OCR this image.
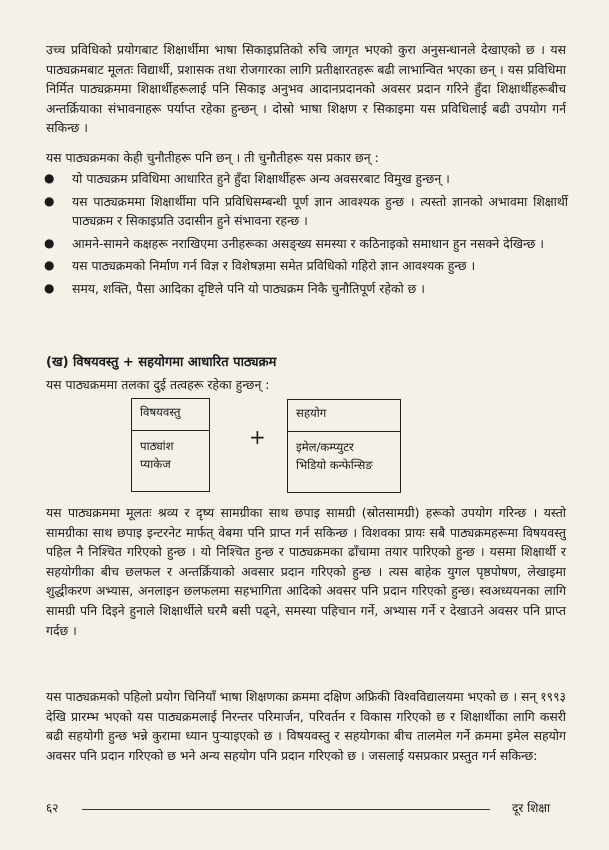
उच्च प्रविधिको प्रयोगबाट शिक्षार्थीमा भाषा सिकाइप्रतिको रुचि जागृत भएको कुरा अनुसन्धानले देखाएको छ । यस पाठ्यक्रमबाट मूलतः विद्यार्थी, प्रशासक तथा रोजगारका लागि प्रतीक्षारतहरू बढी लाभान्वित भएका छन् । यस प्रविधिमा निर्मित पाठ्यक्रममा शिक्षार्थीहरूलाई पनि सिकाइ अनुभव आदानप्रदानको अवसर प्रदान गरिने हुँदा शिक्षार्थीहरूबीच अन्तर्क्रियाका संभावनाहरू पर्याप्त रहेका हुन्छन् । दोस्रो भाषा शिक्षण र सिकाइमा यस प्रविधिलाई बढी उपयोग गर्न सकिन्छ ।

यस पाठ्यक्रमका केही चुनौतीहरू पनि छन् । ती चुनौतीहरू यस प्रकार छन् :

● यो पाठ्यक्रम प्रविधिमा आधारित हुने हुँदा शिक्षार्थीहरू अन्य अवसरबाट विमुख हुन्छन् ।
● यस पाठ्यक्रममा शिक्षार्थीमा पनि प्रविधिसम्बन्धी पूर्ण ज्ञान आवश्यक हुन्छ । त्यस्तो ज्ञानको अभावमा शिक्षार्थी पाठ्यक्रम र सिकाइप्रति उदासीन हुने संभावना रहन्छ ।
● आमने-सामने कक्षहरू नराखिएमा उनीहरूका असङ्ख्य समस्या र कठिनाइको समाधान हुन नसक्ने देखिन्छ ।
● यस पाठ्यक्रमको निर्माण गर्न विज्ञ र विशेषज्ञमा समेत प्रविधिको गहिरो ज्ञान आवश्यक हुन्छ ।
● समय, शक्ति, पैसा आदिका दृष्टिले पनि यो पाठ्यक्रम निकै चुनौतिपूर्ण रहेको छ ।
(ख) विषयवस्तु + सहयोगमा आधारित पाठ्यक्रम

यस पाठ्यक्रममा तलका दुई तत्वहरू रहेका हुन्छन् :

विषयवस्तु
पाठ्यांश
प्याकेज
+
सहयोग
इमेल/कम्प्युटर
भिडियो कन्फेन्सिङ

यस पाठ्यक्रममा मूलतः श्रव्य र दृष्य सामग्रीका साथ छपाइ सामग्री (स्रोतसामग्री) हरूको उपयोग गरिन्छ । यस्तो सामग्रीका साथ छपाइ इन्टरनेट मार्फत् वेबमा पनि प्राप्त गर्न सकिन्छ । विशवका प्रायः सबै पाठ्यक्रमहरूमा विषयवस्तु पहिल नै निश्चित गरिएको हुन्छ । यो निश्चित हुन्छ र पाठ्यक्रमका ढाँचामा तयार पारिएको हुन्छ । यसमा शिक्षार्थी र सहयोगीका बीच छलफल र अन्तर्क्रियाको अवसार प्रदान गरिएको हुन्छ । त्यस बाहेक युगल पृष्ठपोषण, लेखाइमा शुद्धीकरण अभ्यास, अनलाइन छलफलमा सहभागिता आदिको अवसर पनि प्रदान गरिएको हुन्छ। स्वअध्ययनका लागि सामग्री पनि दिइने हुनाले शिक्षार्थीले घरमै बसी पढ्ने, समस्या पहिचान गर्ने, अभ्यास गर्ने र देखाउने अवसर पनि प्राप्त गर्दछ ।

यस पाठ्यक्रमको पहिलो प्रयोग चिनियाँ भाषा शिक्षणका क्रममा दक्षिण अफ्रिकी विश्वविद्यालयमा भएको छ । सन् १९९३ देखि प्रारम्भ भएको यस पाठ्यक्रमलाई निरन्तर परिमार्जन, परिवर्तन र विकास गरिएको छ र शिक्षार्थीका लागि कसरी बढी सहयोगी हुन्छ भन्ने कुरामा ध्यान पुऱ्याइएको छ । विषयवस्तु र सहयोगका बीच तालमेल गर्ने क्रममा इमेल सहयोग अवसर पनि प्रदान गरिएको छ भने अन्य सहयोग पनि प्रदान गरिएको छ । जसलाई यसप्रकार प्रस्तुत गर्न सकिन्छ:

६२	दूर शिक्षा
